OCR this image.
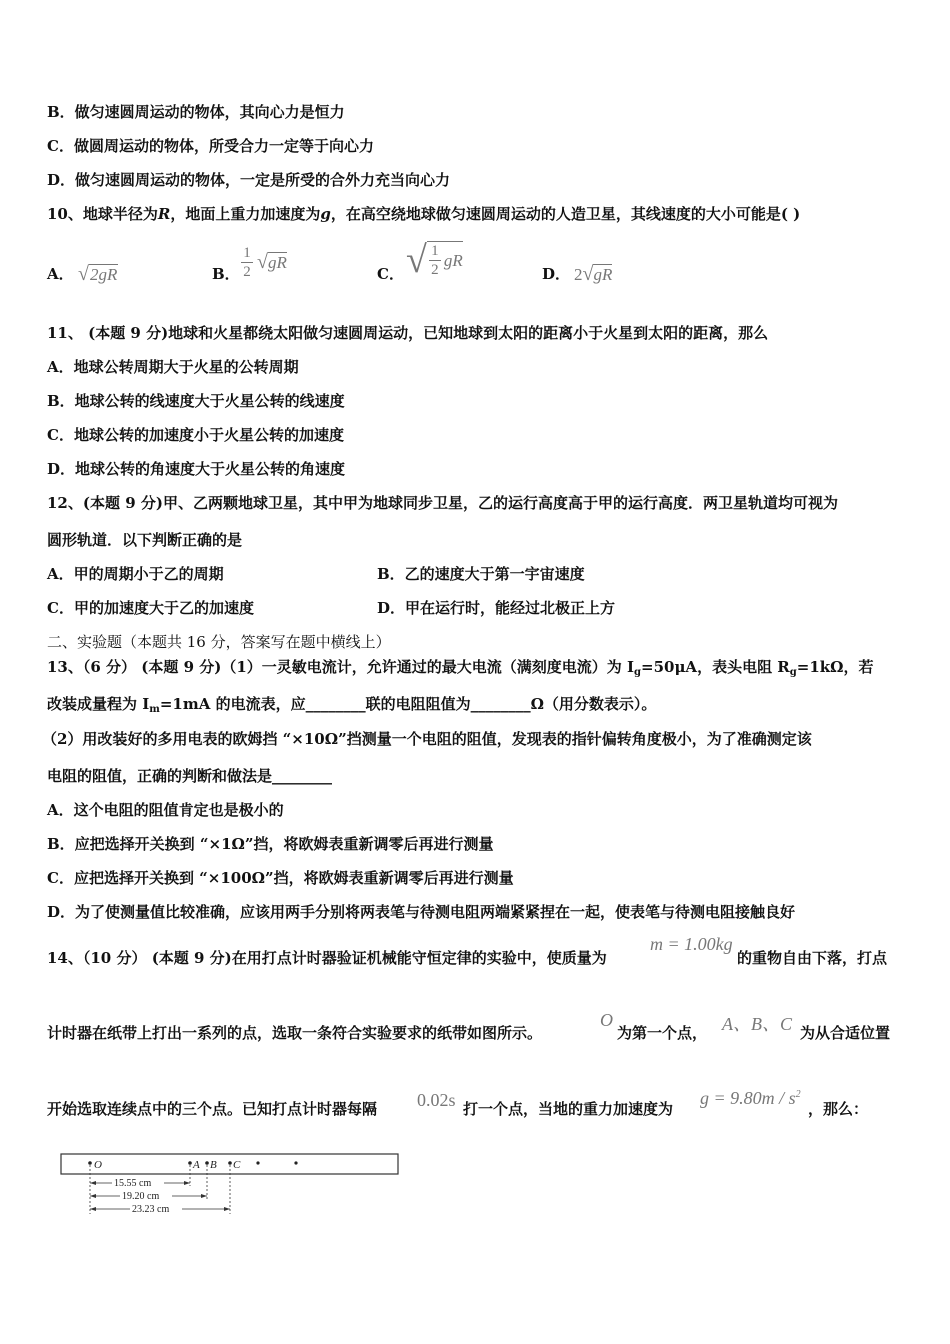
B．做匀速圆周运动的物体，其向心力是恒力
C．做圆周运动的物体，所受合力一定等于向心力
D．做匀速圆周运动的物体，一定是所受的合外力充当向心力
10、地球半径为R，地面上重力加速度为g，在高空绕地球做匀速圆周运动的人造卫星，其线速度的大小可能是( )
A． √2gR	B．
1
2 √ gR
C． √ 1
2
gR
D． 2√gR
11、 (本题 9 分)地球和火星都绕太阳做匀速圆周运动，已知地球到太阳的距离小于火星到太阳的距离，那么
A．地球公转周期大于火星的公转周期
B．地球公转的线速度大于火星公转的线速度
C．地球公转的加速度小于火星公转的加速度
D．地球公转的角速度大于火星公转的角速度
12、(本题 9 分)甲、乙两颗地球卫星，其中甲为地球同步卫星，乙的运行高度高于甲的运行高度．两卫星轨道均可视为
圆形轨道．以下判断正确的是
A．甲的周期小于乙的周期	B．乙的速度大于第一宇宙速度
C．甲的加速度大于乙的加速度	D．甲在运行时，能经过北极正上方
二、实验题（本题共 16 分，答案写在题中横线上）
13、（6 分） (本题 9 分)（1）一灵敏电流计，允许通过的最大电流（满刻度电流）为 $I_g=50\mu A$，表头电阻 $R_g=1k\Omega$，若
改装成量程为 $I_m=1mA$ 的电流表，应________联的电阻阻值为________Ω（用分数表示）。
（2）用改装好的多用电表的欧姆挡 “×10Ω”挡测量一个电阻的阻值，发现表的指针偏转角度极小，为了准确测定该
电阻的阻值，正确的判断和做法是________
A．这个电阻的阻值肯定也是极小的
B．应把选择开关换到 “×1Ω”挡，将欧姆表重新调零后再进行测量
C．应把选择开关换到 “×100Ω”挡，将欧姆表重新调零后再进行测量
D．为了使测量值比较准确，应该用两手分别将两表笔与待测电阻两端紧紧捏在一起，使表笔与待测电阻接触良好
14、（10 分） (本题 9 分)在用打点计时器验证机械能守恒定律的实验中，使质量为
m = 1.00kg
的重物自由下落，打点
计时器在纸带上打出一系列的点，选取一条符合实验要求的纸带如图所示。
O
为第一个点， A、B、C 为从合适位置
开始选取连续点中的三个点。已知打点计时器每隔 0.02s 打一个点，当地的重力加速度为
$g = 9.80m / s^2$
，那么：
O	A B C
15.55 cm
19.20 cm
23.23 cm
